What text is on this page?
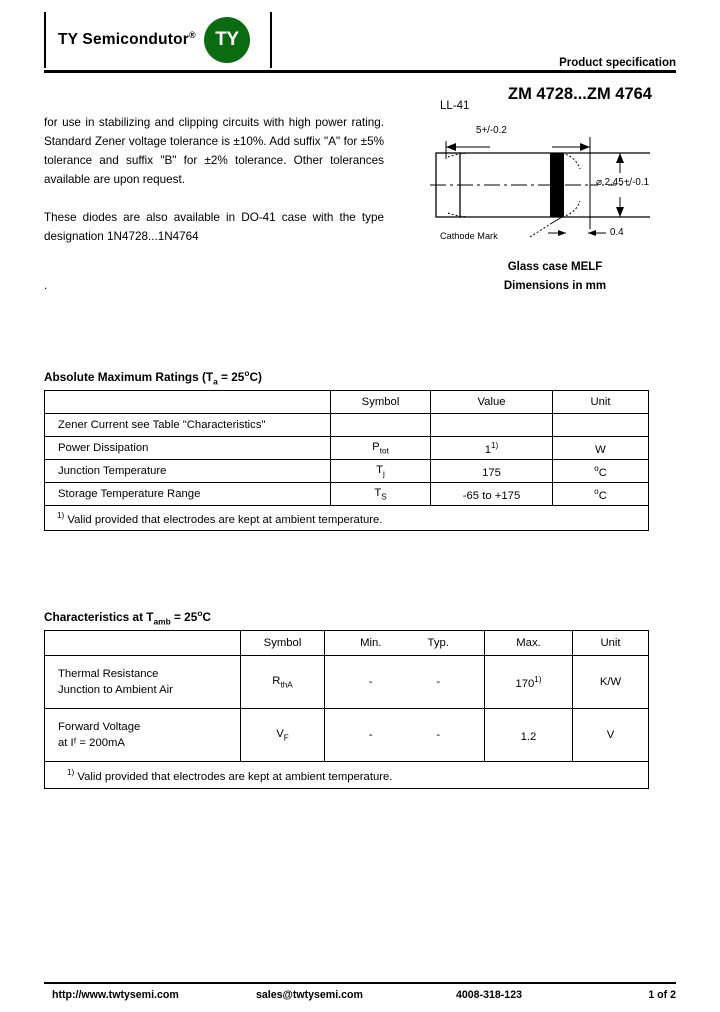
TY Semicondutor® TY
Product specification
ZM 4728...ZM 4764
LL-41

for use in stabilizing and clipping circuits with high power rating. Standard Zener voltage tolerance is ±10%. Add suffix "A" for ±5% tolerance and suffix "B" for ±2% tolerance. Other tolerances available are upon request.

These diodes are also available in DO-41 case with the type designation 1N4728...1N4764

.
5+/-0.2
⌀ 2.45+/-0.1
0.4
Cathode Mark
Glass case MELF
Dimensions in mm
Absolute Maximum Ratings $(T_a = 25^oC)$
	Symbol	Value	Unit
Zener Current see Table "Characteristics"			
Power Dissipation	$P_{tot}$	1$^{1)}$	W
Junction Temperature	$T_j$	175	$^o$C
Storage Temperature Range	$T_S$	-65 to +175	$^o$C
$^{1)}$ Valid provided that electrodes are kept at ambient temperature.			
Characteristics at $T_{amb} = 25^oC$
	Symbol	Min. Typ.	Max.	Unit

Thermal Resistance
Junction to Ambient Air
	$R_{thA}$	-	-	170$^{1)}$	K/W

Forward Voltage
at Iᶠ = 200mA
	$V_F$	-	-	1.2	V
$^{1)}$ Valid provided that electrodes are kept at ambient temperature.				
http://www.twtysemi.com	sales@twtysemi.com	4008-318-123	1 of 2
